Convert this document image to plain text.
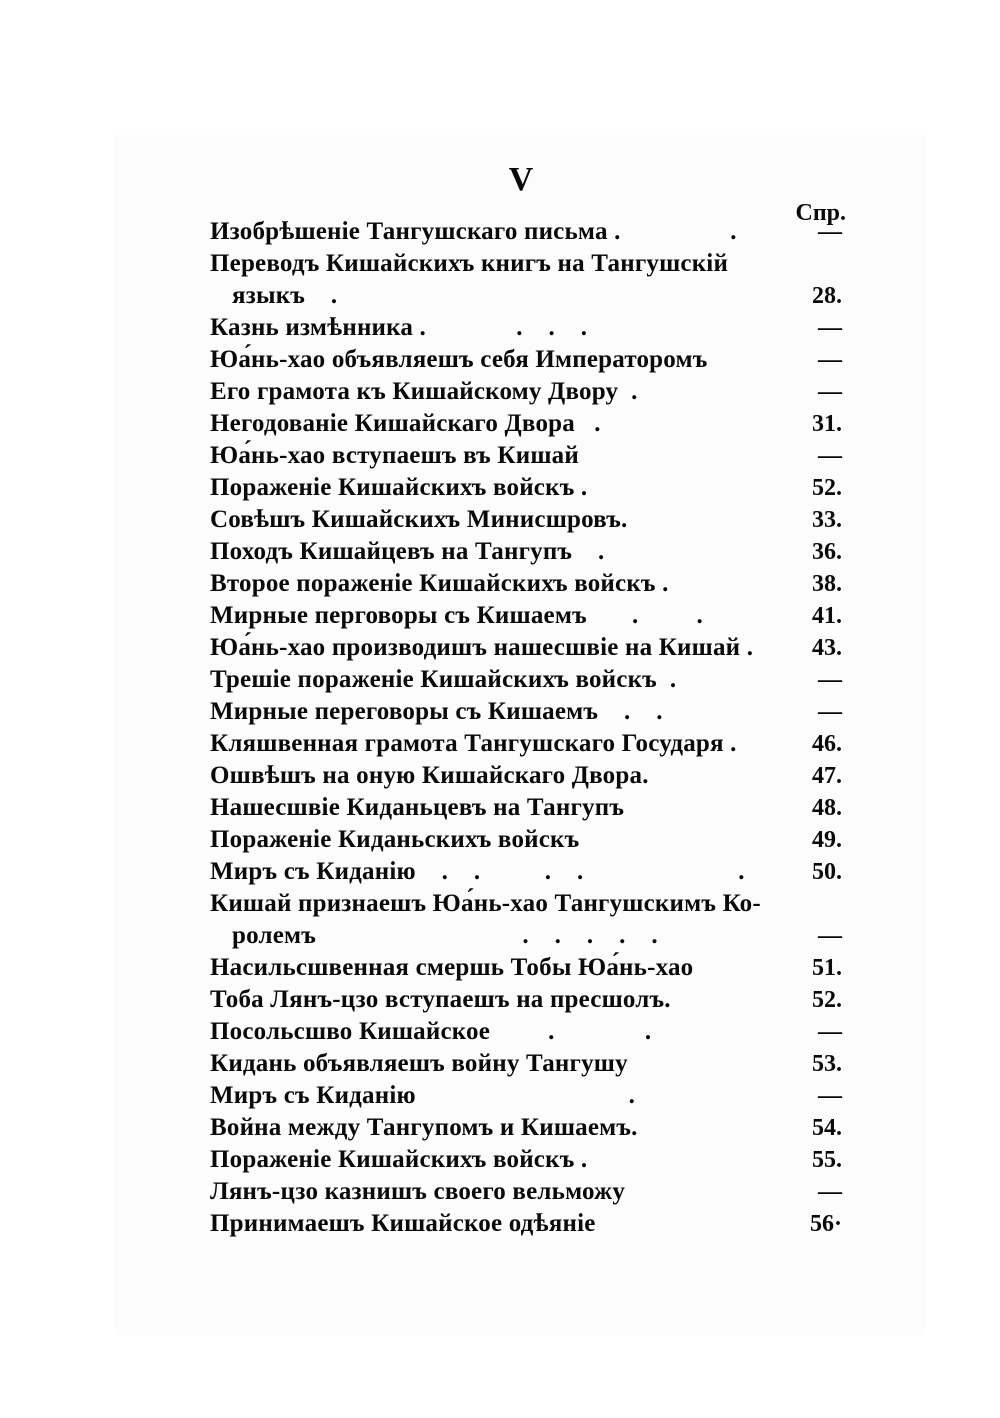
V
Спр.
Изобрѣшеніе Тангушскаго письма .                 .	—
Переводъ Кишайскихъ книгъ на Тангушскій
языкъ    .	28.
Казнь измѣнника .              .    .    .	—
Юа́нь-хао объявляешъ себя Императоромъ	—
Его грамота къ Кишайскому Двору  .	—
Негодованіе Кишайскаго Двора   .	31.
Юа́нь-хао вступаешъ въ Кишай	—
Пораженіе Кишайскихъ войскъ .	52.
Совѣшъ Кишайскихъ Минисшровъ.	33.
Походъ Кишайцевъ на Тангупъ    .	36.
Второе пораженіе Кишайскихъ войскъ .	38.
Мирные перговоры съ Кишаемъ       .         .	41.
Юа́нь-хао производишъ нашесшвіе на Кишай . 43.
Трешіе пораженіе Кишайскихъ войскъ  .	—
Мирные переговоры съ Кишаемъ    .    .	—
Кляшвенная грамота Тангушскаго Государя .	46.
Ошвѣшъ на оную Кишайскаго Двора.	47.
Нашесшвіе Киданьцевъ на Тангупъ	48.
Пораженіе Киданьскихъ войскъ	49.
Миръ съ Киданію    .    .          .    .                        .	50.
Кишай признаешъ Юа́нь-хао Тангушскимъ Ко-
ролемъ                                .    .    .    .    .	—
Насильсшвенная смершь Тобы Юа́нь-хао	51.
Тоба Лянъ-цзо вступаешъ на пресшолъ.	52.
Посольсшво Кишайское         .              .	—
Кидань объявляешъ войну Тангушу	53.
Миръ съ Киданію                                 .	—
Война между Тангупомъ и Кишаемъ.	54.
Пораженіе Кишайскихъ войскъ .	55.
Лянъ-цзо казнишъ своего вельможу	—
Принимаешъ Кишайское одѣяніе	56·
